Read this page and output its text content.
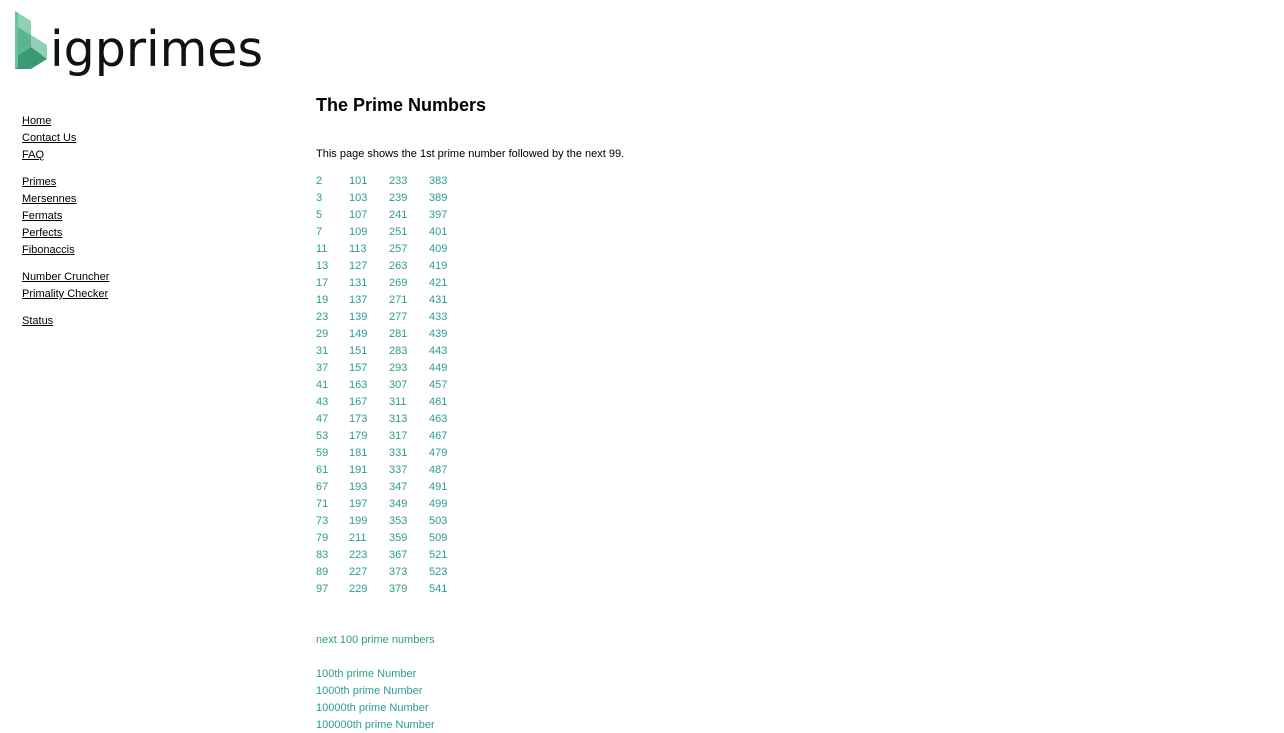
igprimes
Home
Contact Us
FAQ
Primes
Mersennes
Fermats
Perfects
Fibonaccis
Number Cruncher
Primality Checker
Status
The Prime Numbers
This page shows the 1st prime number followed by the next 99.
2	101	233	383
3	103	239	389
5	107	241	397
7	109	251	401
11	113	257	409
13	127	263	419
17	131	269	421
19	137	271	431
23	139	277	433
29	149	281	439
31	151	283	443
37	157	293	449
41	163	307	457
43	167	311	461
47	173	313	463
53	179	317	467
59	181	331	479
61	191	337	487
67	193	347	491
71	197	349	499
73	199	353	503
79	211	359	509
83	223	367	521
89	227	373	523
97	229	379	541
next 100 prime numbers
100th prime Number
1000th prime Number
10000th prime Number
100000th prime Number
